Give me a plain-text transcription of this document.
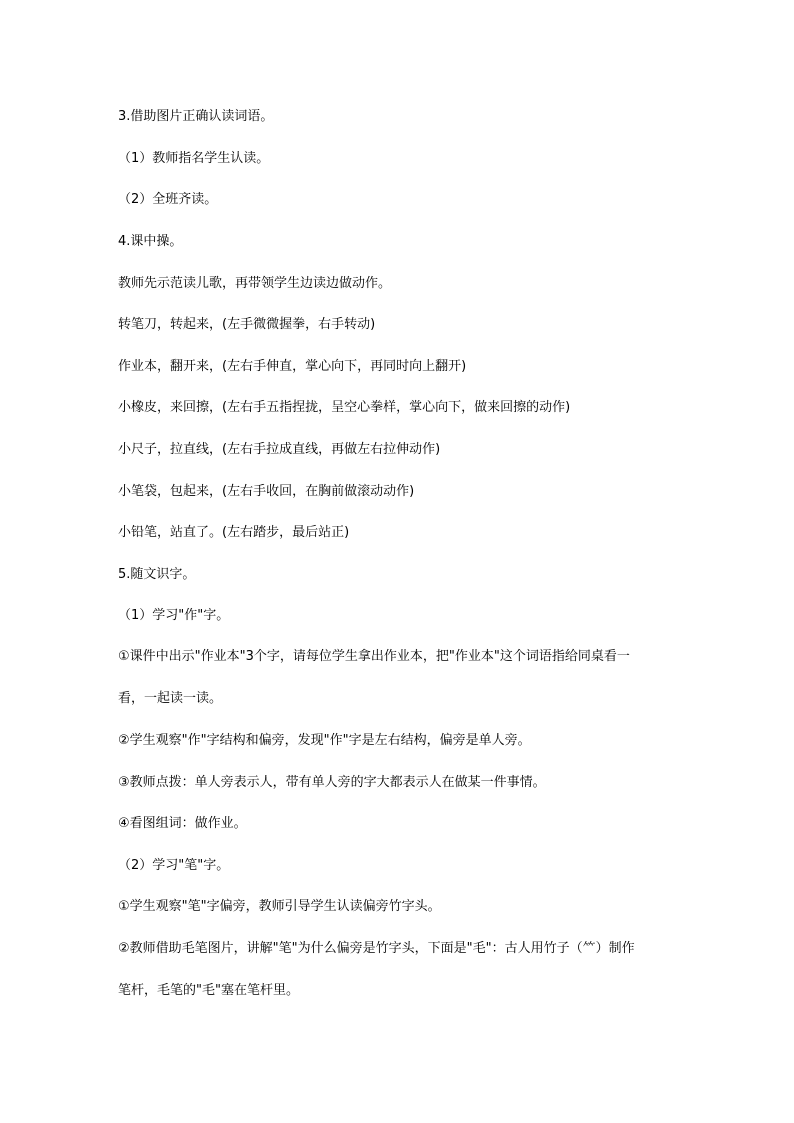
3.借助图片正确认读词语。

（1）教师指名学生认读。

（2）全班齐读。

4.课中操。

教师先示范读儿歌，再带领学生边读边做动作。

转笔刀，转起来，(左手微微握拳，右手转动)

作业本，翻开来，(左右手伸直，掌心向下，再同时向上翻开)

小橡皮，来回擦，(左右手五指捏拢，呈空心拳样，掌心向下，做来回擦的动作)

小尺子，拉直线，(左右手拉成直线，再做左右拉伸动作)

小笔袋，包起来，(左右手收回，在胸前做滚动动作)

小铅笔，站直了。(左右踏步，最后站正)

5.随文识字。

（1）学习"作"字。

①课件中出示"作业本"3个字，请每位学生拿出作业本，把"作业本"这个词语指给同桌看一

看，一起读一读。

②学生观察"作"字结构和偏旁，发现"作"字是左右结构，偏旁是单人旁。

③教师点拨：单人旁表示人，带有单人旁的字大都表示人在做某一件事情。

④看图组词：做作业。

（2）学习"笔"字。

①学生观察"笔"字偏旁，教师引导学生认读偏旁竹字头。

②教师借助毛笔图片，讲解"笔"为什么偏旁是竹字头，下面是"毛"：古人用竹子（⺮）制作

笔杆，毛笔的"毛"塞在笔杆里。
